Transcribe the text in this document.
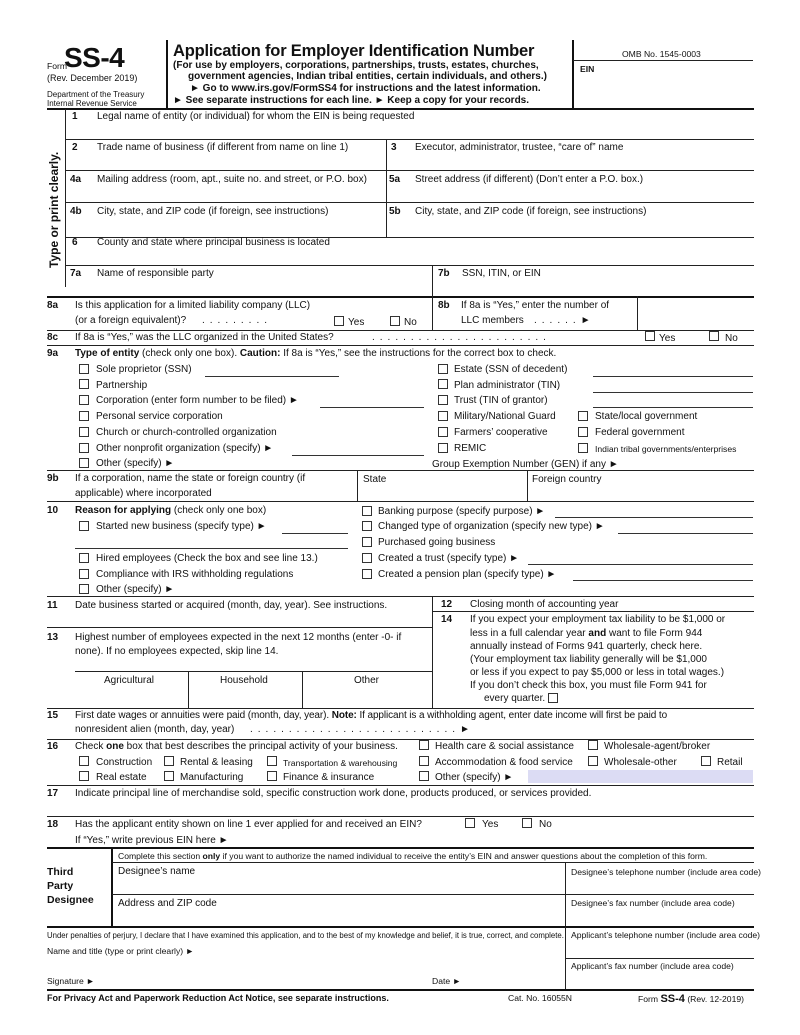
Form
SS-4
(Rev. December 2019)
Department of the Treasury
Internal Revenue Service
Application for Employer Identification Number
(For use by employers, corporations, partnerships, trusts, estates, churches,
government agencies, Indian tribal entities, certain individuals, and others.)
► Go to www.irs.gov/FormSS4 for instructions and the latest information.
► See separate instructions for each line. ► Keep a copy for your records.
OMB No. 1545-0003
EIN
Type or print clearly.
1 Legal name of entity (or individual) for whom the EIN is being requested
2 Trade name of business (if different from name on line 1)	3 Executor, administrator, trustee, “care of” name
4a Mailing address (room, apt., suite no. and street, or P.O. box) 5a Street address (if different) (Don’t enter a P.O. box.)
4b City, state, and ZIP code (if foreign, see instructions)	5b City, state, and ZIP code (if foreign, see instructions)
6 County and state where principal business is located
7a Name of responsible party	7b SSN, ITIN, or EIN
8a Is this application for a limited liability company (LLC)
(or a foreign equivalent)? .........	Yes	No
8b If 8a is “Yes,” enter the number of
LLC members ......►
8c If 8a is “Yes,” was the LLC organized in the United States?	.......................	Yes	No
9a Type of entity (check only one box). Caution: If 8a is “Yes,” see the instructions for the correct box to check.
Sole proprietor (SSN)
Partnership
Corporation (enter form number to be filed) ►
Personal service corporation
Church or church-controlled organization
Other nonprofit organization (specify) ►
Other (specify) ►
Estate (SSN of decedent)
Plan administrator (TIN)
Trust (TIN of grantor)
Military/National Guard	State/local government
Farmers’ cooperative	Federal government
REMIC	Indian tribal governments/enterprises
Group Exemption Number (GEN) if any ►
9b If a corporation, name the state or foreign country (if
applicable) where incorporated
State	Foreign country
10 Reason for applying (check only one box)
Started new business (specify type) ►
Hired employees (Check the box and see line 13.)
Compliance with IRS withholding regulations
Other (specify) ►
Banking purpose (specify purpose) ►
Changed type of organization (specify new type) ►
Purchased going business
Created a trust (specify type) ►
Created a pension plan (specify type) ►
11 Date business started or acquired (month, day, year). See instructions.	12 Closing month of accounting year
14 If you expect your employment tax liability to be $1,000 or
less in a full calendar year and want to file Form 944
annually instead of Forms 941 quarterly, check here.
(Your employment tax liability generally will be $1,000
or less if you expect to pay $5,000 or less in total wages.)
If you don’t check this box, you must file Form 941 for
every quarter.
13 Highest number of employees expected in the next 12 months (enter -0- if
none). If no employees expected, skip line 14.
Agricultural	Household	Other
15 First date wages or annuities were paid (month, day, year). Note: If applicant is a withholding agent, enter date income will first be paid to
nonresident alien (month, day, year) ...........................►
16 Check one box that best describes the principal activity of your business.	Health care & social assistance	Wholesale-agent/broker
Construction	Rental & leasing	Transportation & warehousing	Accommodation & food service	Wholesale-other	Retail
Real estate	Manufacturing	Finance & insurance	Other (specify) ►
17 Indicate principal line of merchandise sold, specific construction work done, products produced, or services provided.
18 Has the applicant entity shown on line 1 ever applied for and received an EIN?	Yes	No
If “Yes,” write previous EIN here ►
Third
Party
Designee
Complete this section only if you want to authorize the named individual to receive the entity’s EIN and answer questions about the completion of this form.
Designee’s name	Designee’s telephone number (include area code)
Address and ZIP code	Designee’s fax number (include area code)
Under penalties of perjury, I declare that I have examined this application, and to the best of my knowledge and belief, it is true, correct, and complete. Applicant’s telephone number (include area code)
Name and title (type or print clearly) ►
Applicant’s fax number (include area code)
Signature ►	Date ►
For Privacy Act and Paperwork Reduction Act Notice, see separate instructions.	Cat. No. 16055N	Form SS-4 (Rev. 12-2019)
